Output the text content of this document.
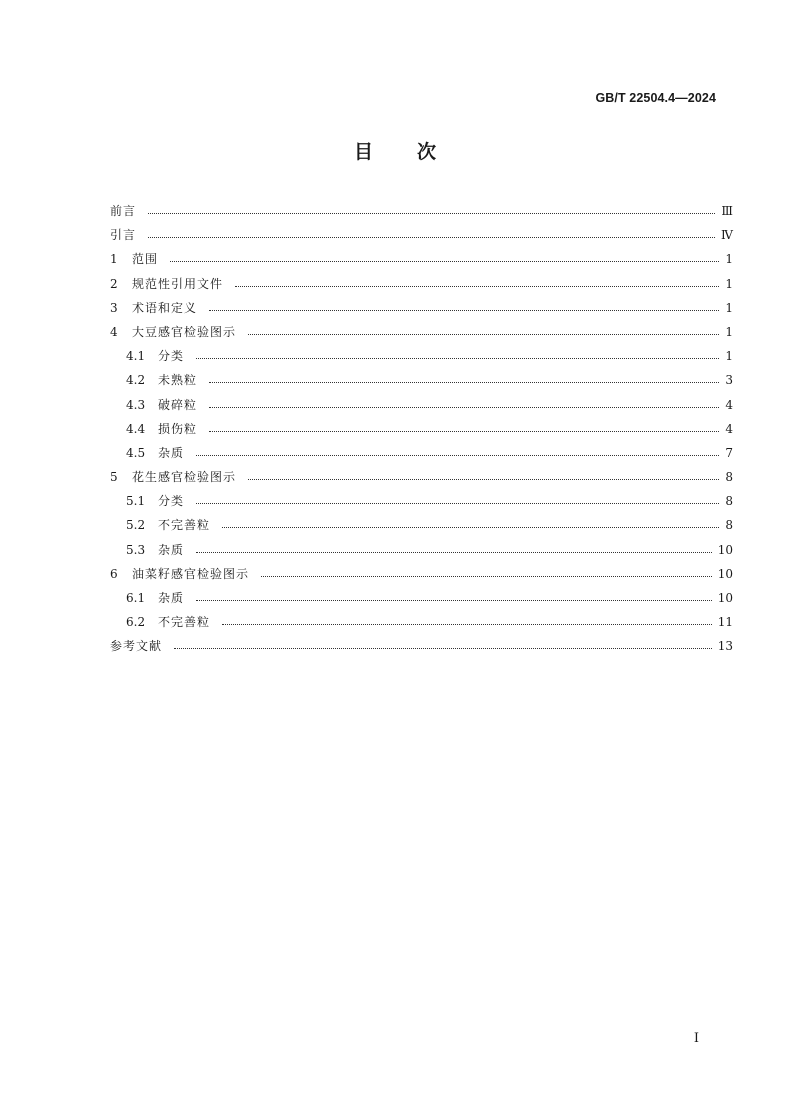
GB/T 22504.4—2024
目 次
前言	Ⅲ
引言	Ⅳ
1	范围	1
2	规范性引用文件	1
3	术语和定义	1
4	大豆感官检验图示	1
4.1	分类	1
4.2	未熟粒	3
4.3	破碎粒	4
4.4	损伤粒	4
4.5	杂质	7
5	花生感官检验图示	8
5.1	分类	8
5.2	不完善粒	8
5.3	杂质	10
6	油菜籽感官检验图示	10
6.1	杂质	10
6.2	不完善粒	11
参考文献	13
Ⅰ
